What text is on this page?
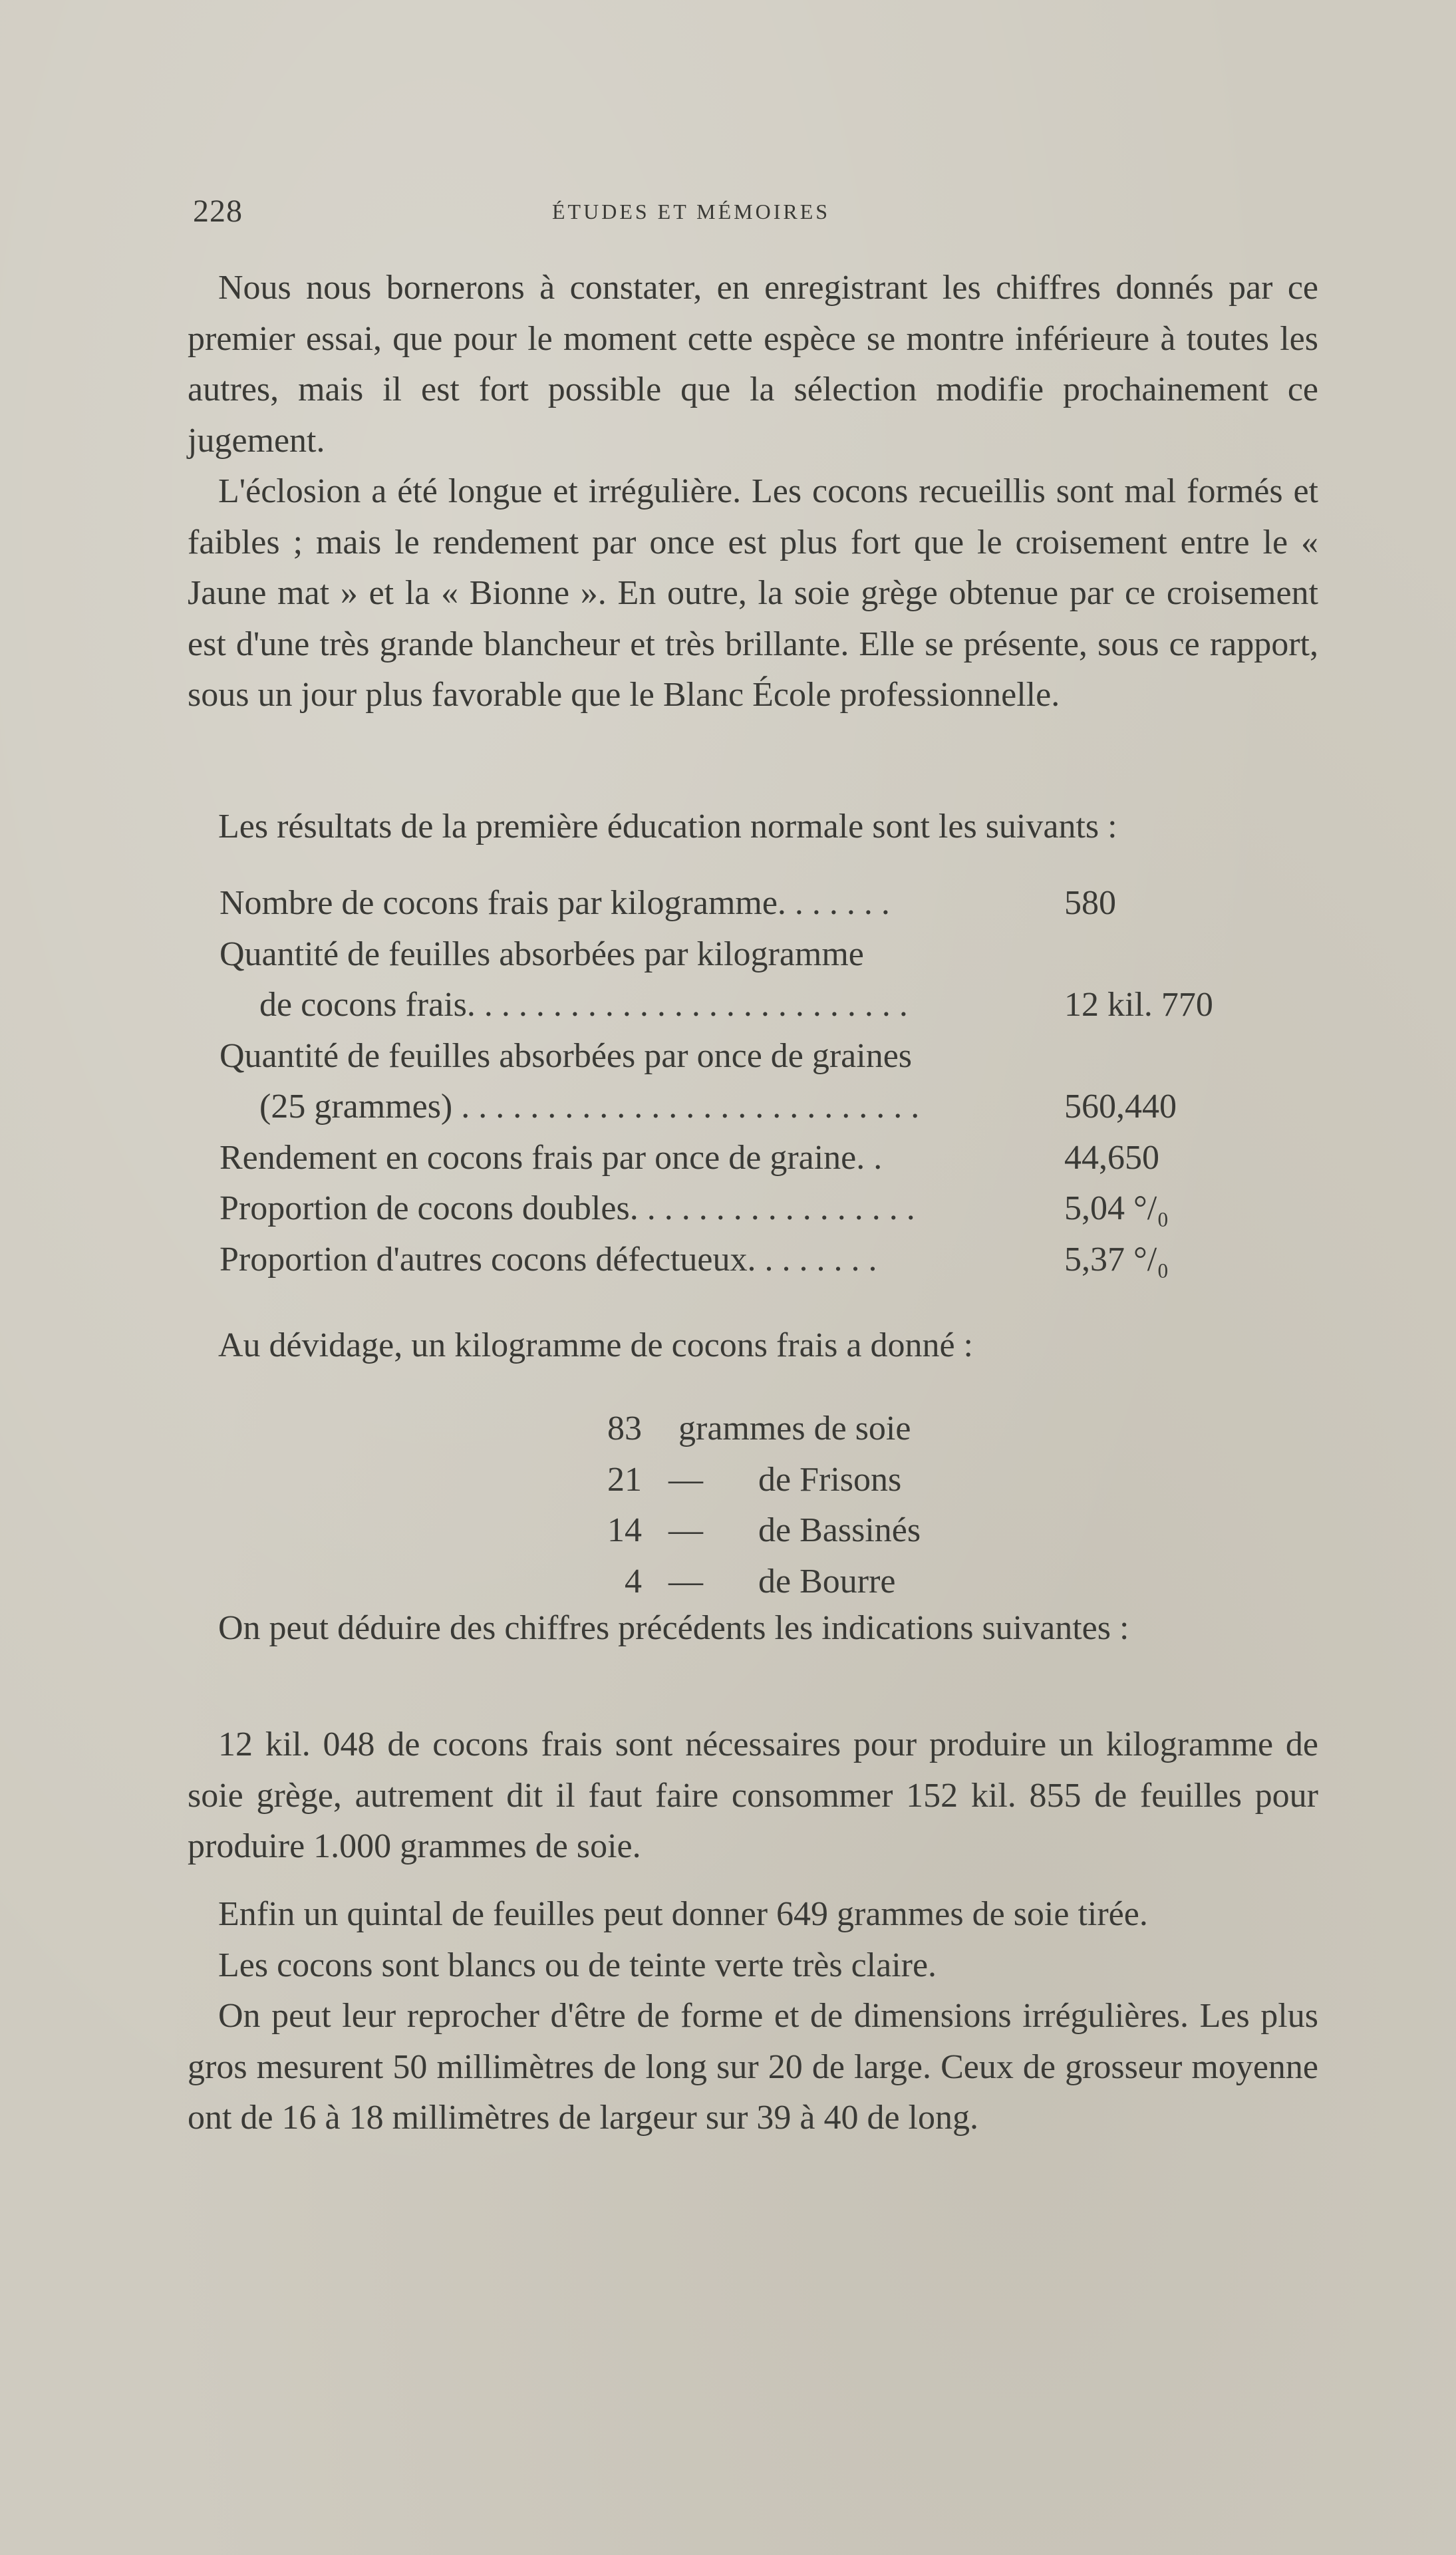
228	ÉTUDES ET MÉMOIRES

Nous nous bornerons à constater, en enregistrant les chiffres donnés par ce premier essai, que pour le moment cette espèce se montre inférieure à toutes les autres, mais il est fort possible que la sélection modifie prochainement ce jugement.

L'éclosion a été longue et irrégulière. Les cocons recueillis sont mal formés et faibles ; mais le rendement par once est plus fort que le croisement entre le « Jaune mat » et la « Bionne ». En outre, la soie grège obtenue par ce croisement est d'une très grande blancheur et très brillante. Elle se présente, sous ce rapport, sous un jour plus favorable que le Blanc École professionnelle.

Les résultats de la première éducation normale sont les suivants :

Nombre de cocons frais par kilogramme. . . . . . .	580
Quantité de feuilles absorbées par kilogramme
de cocons frais. . . . . . . . . . . . . . . . . . . . . . . . . .	12 kil. 770
Quantité de feuilles absorbées par once de graines
(25 grammes) . . . . . . . . . . . . . . . . . . . . . . . . . . .	560,440
Rendement en cocons frais par once de graine. .	44,650
Proportion de cocons doubles. . . . . . . . . . . . . . . . .	5,04 °/₀
Proportion d'autres cocons défectueux. . . . . . . .	5,37 °/₀

Au dévidage, un kilogramme de cocons frais a donné :

83 grammes de soie
21 — de Frisons
14 — de Bassinés
4 — de Bourre

On peut déduire des chiffres précédents les indications suivantes :

12 kil. 048 de cocons frais sont nécessaires pour produire un kilogramme de soie grège, autrement dit il faut faire consommer 152 kil. 855 de feuilles pour produire 1.000 grammes de soie.

Enfin un quintal de feuilles peut donner 649 grammes de soie tirée.

Les cocons sont blancs ou de teinte verte très claire.

On peut leur reprocher d'être de forme et de dimensions irrégulières. Les plus gros mesurent 50 millimètres de long sur 20 de large. Ceux de grosseur moyenne ont de 16 à 18 millimètres de largeur sur 39 à 40 de long.
